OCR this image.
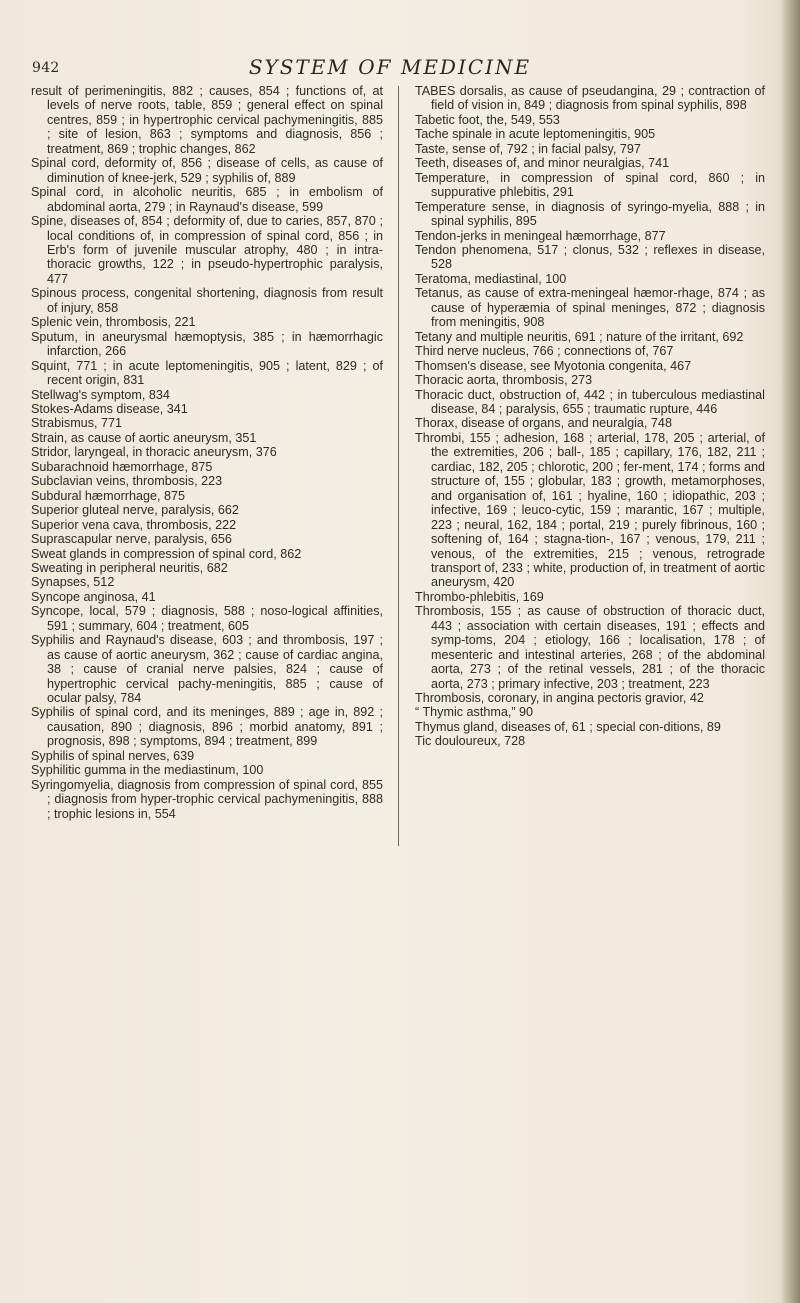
942	SYSTEM OF MEDICINE

result of perimeningitis, 882 ; causes, 854 ; functions of, at levels of nerve roots, table, 859 ; general effect on spinal centres, 859 ; in hypertrophic cervical pachymeningitis, 885 ; site of lesion, 863 ; symptoms and diagnosis, 856 ; treatment, 869 ; trophic changes, 862

Spinal cord, deformity of, 856 ; disease of cells, as cause of diminution of knee-jerk, 529 ; syphilis of, 889

Spinal cord, in alcoholic neuritis, 685 ; in embolism of abdominal aorta, 279 ; in Raynaud's disease, 599

Spine, diseases of, 854 ; deformity of, due to caries, 857, 870 ; local conditions of, in compression of spinal cord, 856 ; in Erb's form of juvenile muscular atrophy, 480 ; in intra-thoracic growths, 122 ; in pseudo-hypertrophic paralysis, 477

Spinous process, congenital shortening, diagnosis from result of injury, 858

Splenic vein, thrombosis, 221

Sputum, in aneurysmal hæmoptysis, 385 ; in hæmorrhagic infarction, 266

Squint, 771 ; in acute leptomeningitis, 905 ; latent, 829 ; of recent origin, 831

Stellwag's symptom, 834

Stokes-Adams disease, 341

Strabismus, 771

Strain, as cause of aortic aneurysm, 351

Stridor, laryngeal, in thoracic aneurysm, 376

Subarachnoid hæmorrhage, 875

Subclavian veins, thrombosis, 223

Subdural hæmorrhage, 875

Superior gluteal nerve, paralysis, 662

Superior vena cava, thrombosis, 222

Suprascapular nerve, paralysis, 656

Sweat glands in compression of spinal cord, 862

Sweating in peripheral neuritis, 682

Synapses, 512

Syncope anginosa, 41

Syncope, local, 579 ; diagnosis, 588 ; noso-logical affinities, 591 ; summary, 604 ; treatment, 605

Syphilis and Raynaud's disease, 603 ; and thrombosis, 197 ; as cause of aortic aneurysm, 362 ; cause of cardiac angina, 38 ; cause of cranial nerve palsies, 824 ; cause of hypertrophic cervical pachy-meningitis, 885 ; cause of ocular palsy, 784

Syphilis of spinal cord, and its meninges, 889 ; age in, 892 ; causation, 890 ; diagnosis, 896 ; morbid anatomy, 891 ; prognosis, 898 ; symptoms, 894 ; treatment, 899

Syphilis of spinal nerves, 639

Syphilitic gumma in the mediastinum, 100

Syringomyelia, diagnosis from compression of spinal cord, 855 ; diagnosis from hyper-trophic cervical pachymeningitis, 888 ; trophic lesions in, 554

TABES dorsalis, as cause of pseudangina, 29 ; contraction of field of vision in, 849 ; diagnosis from spinal syphilis, 898

Tabetic foot, the, 549, 553

Tache spinale in acute leptomeningitis, 905

Taste, sense of, 792 ; in facial palsy, 797

Teeth, diseases of, and minor neuralgias, 741

Temperature, in compression of spinal cord, 860 ; in suppurative phlebitis, 291

Temperature sense, in diagnosis of syringo-myelia, 888 ; in spinal syphilis, 895

Tendon-jerks in meningeal hæmorrhage, 877

Tendon phenomena, 517 ; clonus, 532 ; reflexes in disease, 528

Teratoma, mediastinal, 100

Tetanus, as cause of extra-meningeal hæmor-rhage, 874 ; as cause of hyperæmia of spinal meninges, 872 ; diagnosis from meningitis, 908

Tetany and multiple neuritis, 691 ; nature of the irritant, 692

Third nerve nucleus, 766 ; connections of, 767

Thomsen's disease, see Myotonia congenita, 467

Thoracic aorta, thrombosis, 273

Thoracic duct, obstruction of, 442 ; in tuberculous mediastinal disease, 84 ; paralysis, 655 ; traumatic rupture, 446

Thorax, disease of organs, and neuralgia, 748

Thrombi, 155 ; adhesion, 168 ; arterial, 178, 205 ; arterial, of the extremities, 206 ; ball-, 185 ; capillary, 176, 182, 211 ; cardiac, 182, 205 ; chlorotic, 200 ; fer-ment, 174 ; forms and structure of, 155 ; globular, 183 ; growth, metamorphoses, and organisation of, 161 ; hyaline, 160 ; idiopathic, 203 ; infective, 169 ; leuco-cytic, 159 ; marantic, 167 ; multiple, 223 ; neural, 162, 184 ; portal, 219 ; purely fibrinous, 160 ; softening of, 164 ; stagna-tion-, 167 ; venous, 179, 211 ; venous, of the extremities, 215 ; venous, retrograde transport of, 233 ; white, production of, in treatment of aortic aneurysm, 420

Thrombo-phlebitis, 169

Thrombosis, 155 ; as cause of obstruction of thoracic duct, 443 ; association with certain diseases, 191 ; effects and symp-toms, 204 ; etiology, 166 ; localisation, 178 ; of mesenteric and intestinal arteries, 268 ; of the abdominal aorta, 273 ; of the retinal vessels, 281 ; of the thoracic aorta, 273 ; primary infective, 203 ; treatment, 223

Thrombosis, coronary, in angina pectoris gravior, 42

“ Thymic asthma,” 90

Thymus gland, diseases of, 61 ; special con-ditions, 89

Tic douloureux, 728
